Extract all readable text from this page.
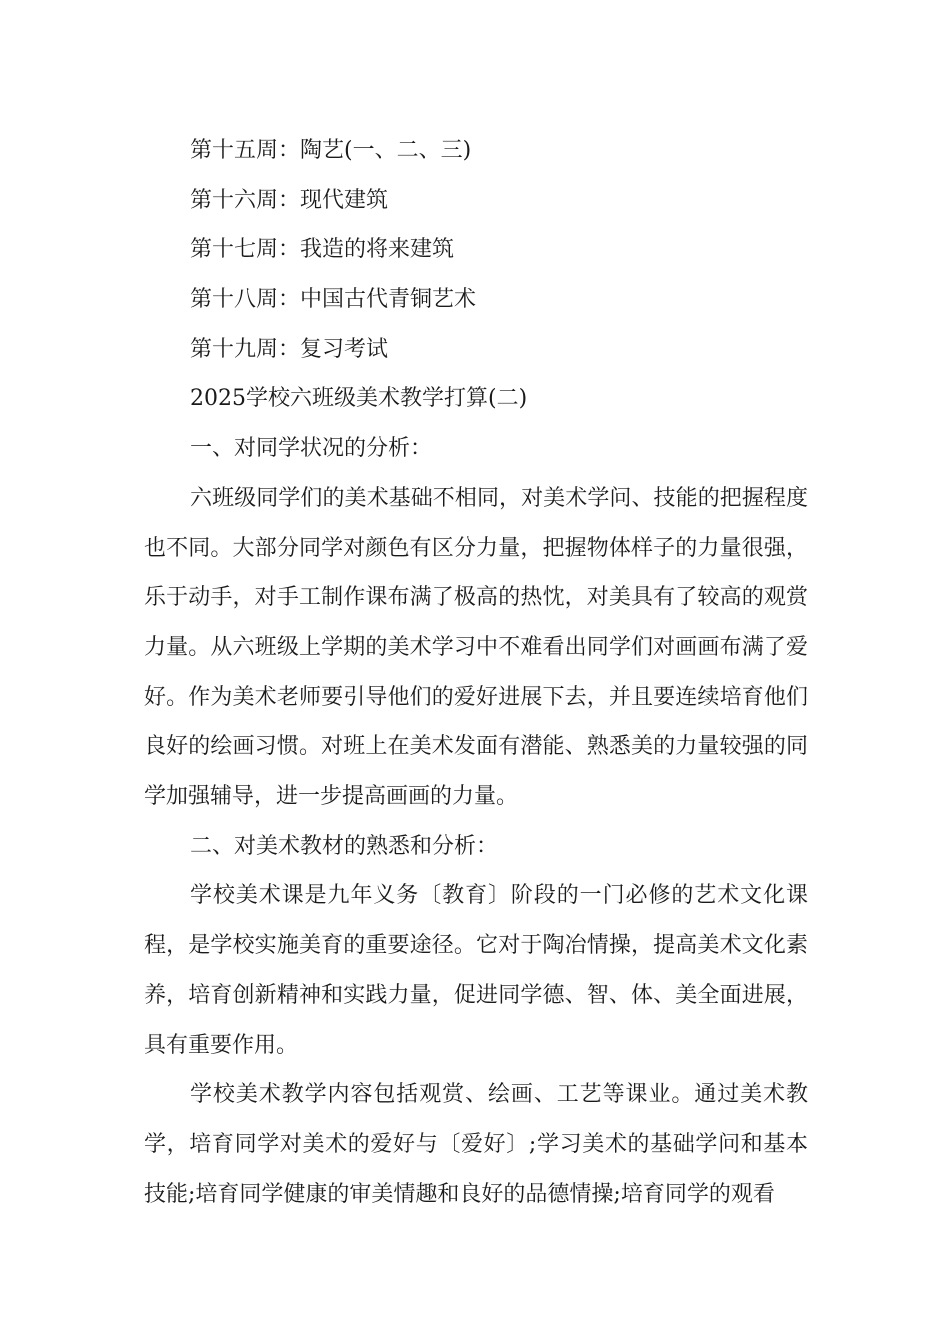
第十五周：陶艺(一、二、三)

第十六周：现代建筑

第十七周：我造的将来建筑

第十八周：中国古代青铜艺术

第十九周：复习考试

2025学校六班级美术教学打算(二)

一、对同学状况的分析：

六班级同学们的美术基础不相同，对美术学问、技能的把握程度也不同。大部分同学对颜色有区分力量，把握物体样子的力量很强，乐于动手，对手工制作课布满了极高的热忱，对美具有了较高的观赏力量。从六班级上学期的美术学习中不难看出同学们对画画布满了爱好。作为美术老师要引导他们的爱好进展下去，并且要连续培育他们良好的绘画习惯。对班上在美术发面有潜能、熟悉美的力量较强的同学加强辅导，进一步提高画画的力量。

二、对美术教材的熟悉和分析：

学校美术课是九年义务〔教育〕阶段的一门必修的艺术文化课程，是学校实施美育的重要途径。它对于陶冶情操，提高美术文化素养，培育创新精神和实践力量，促进同学德、智、体、美全面进展，具有重要作用。

学校美术教学内容包括观赏、绘画、工艺等课业。通过美术教学，培育同学对美术的爱好与〔爱好〕;学习美术的基础学问和基本技能;培育同学健康的审美情趣和良好的品德情操;培育同学的观看
